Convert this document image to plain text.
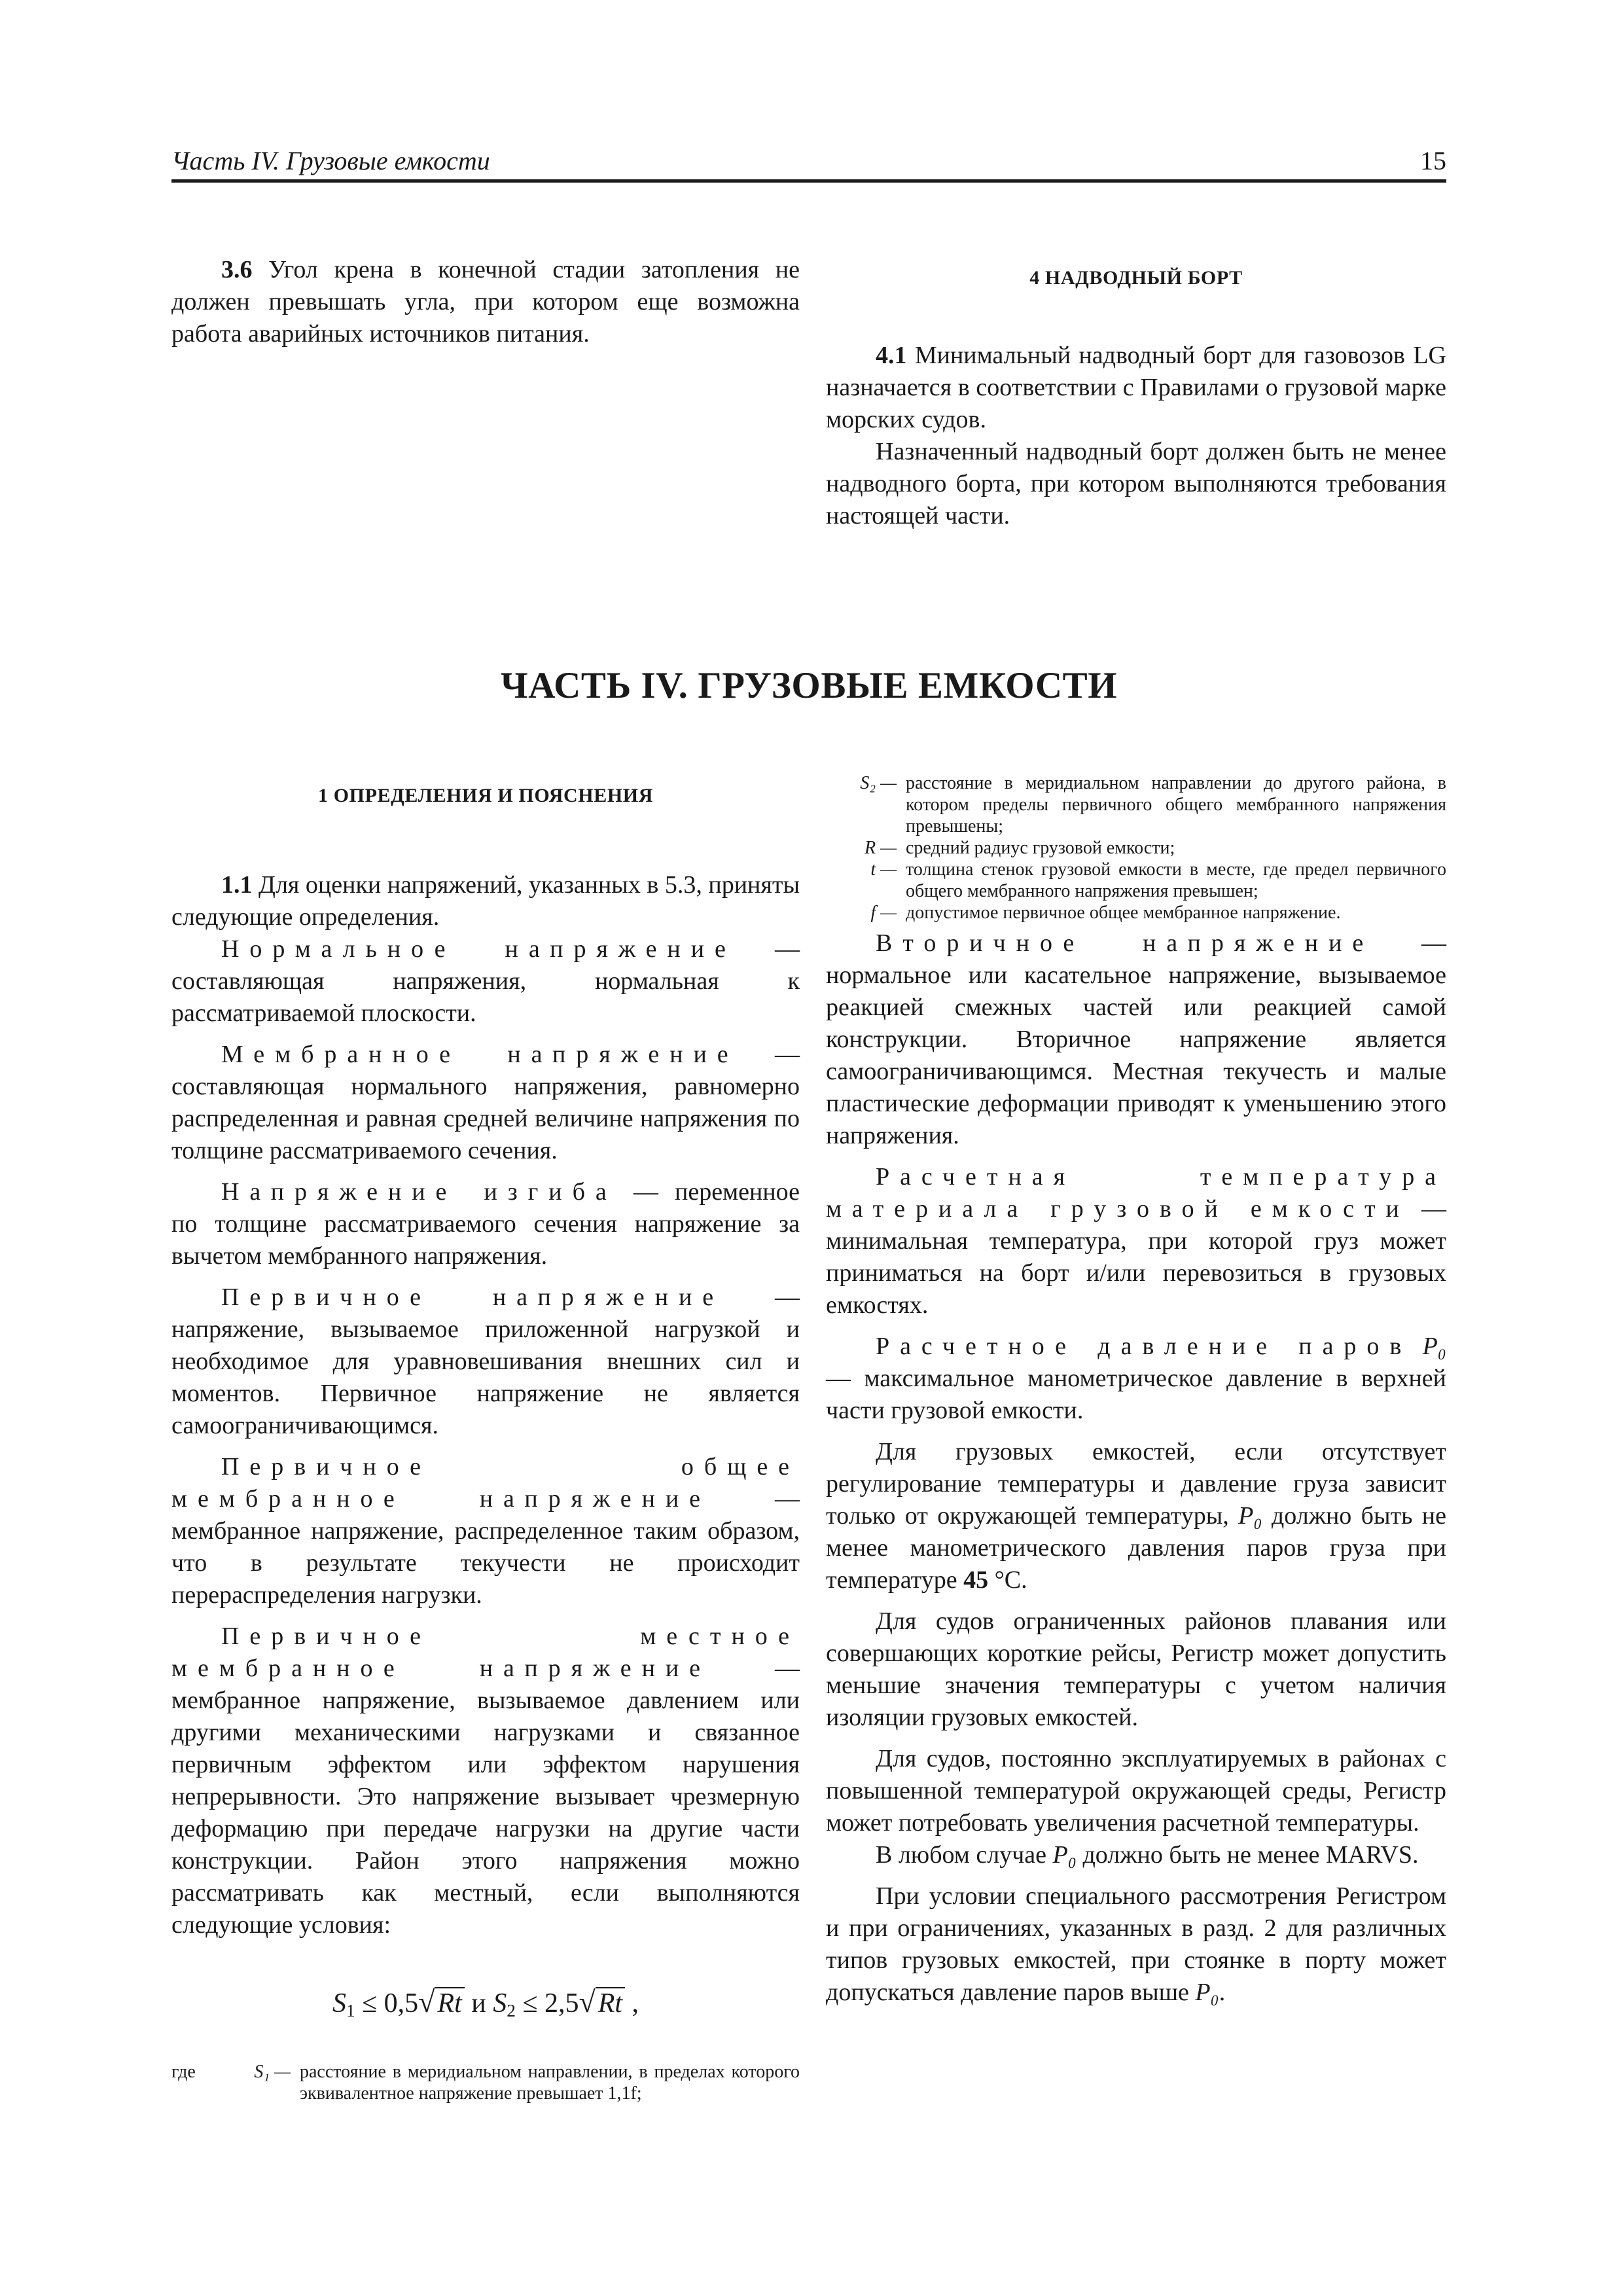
Часть IV. Грузовые емкости	15

3.6 Угол крена в конечной стадии затопления не должен превышать угла, при котором еще возможна работа аварийных источников питания.

4 НАДВОДНЫЙ БОРТ

4.1 Минимальный надводный борт для газовозов LG назначается в соответствии с Правилами о грузовой марке морских судов.

Назначенный надводный борт должен быть не менее надводного борта, при котором выполняются требования настоящей части.

ЧАСТЬ IV. ГРУЗОВЫЕ ЕМКОСТИ
1 ОПРЕДЕЛЕНИЯ И ПОЯСНЕНИЯ

1.1 Для оценки напряжений, указанных в 5.3, приняты следующие определения.

Нормальное напряжение — составляющая напряжения, нормальная к рассматриваемой плоскости.

Мембранное напряжение — составляющая нормального напряжения, равномерно распределенная и равная средней величине напряжения по толщине рассматриваемого сечения.

Напряжение изгиба — переменное по толщине рассматриваемого сечения напряжение за вычетом мембранного напряжения.

Первичное напряжение — напряжение, вызываемое приложенной нагрузкой и необходимое для уравновешивания внешних сил и моментов. Первичное напряжение не является самоограничивающимся.

Первичное общее мембранное напряжение — мембранное напряжение, распределенное таким образом, что в результате текучести не происходит перераспределения нагрузки.

Первичное местное мембранное напряжение — мембранное напряжение, вызываемое давлением или другими механическими нагрузками и связанное первичным эффектом или эффектом нарушения непрерывности. Это напряжение вызывает чрезмерную деформацию при передаче нагрузки на другие части конструкции. Район этого напряжения можно рассматривать как местный, если выполняются следующие условия:

$S_1 \le 0,5√Rt$ и $S_2 \le 2,5√Rt$ ,
где	S₁ — расстояние в меридиальном направлении, в пределах которого эквивалентное напряжение превышает 1,1f;
S₂ — расстояние в меридиальном направлении до другого района, в котором пределы первичного общего мембранного напряжения превышены;
R — средний радиус грузовой емкости;
t — толщина стенок грузовой емкости в месте, где предел первичного общего мембранного напряжения превышен;
f — допустимое первичное общее мембранное напряжение.

Вторичное напряжение — нормальное или касательное напряжение, вызываемое реакцией смежных частей или реакцией самой конструкции. Вторичное напряжение является самоограничивающимся. Местная текучесть и малые пластические деформации приводят к уменьшению этого напряжения.

Расчетная температура материала грузовой емкости — минимальная температура, при которой груз может приниматься на борт и/или перевозиться в грузовых емкостях.

Расчетное давление паров P₀ — максимальное манометрическое давление в верхней части грузовой емкости.

Для грузовых емкостей, если отсутствует регулирование температуры и давление груза зависит только от окружающей температуры, P₀ должно быть не менее манометрического давления паров груза при температуре 45 °C.

Для судов ограниченных районов плавания или совершающих короткие рейсы, Регистр может допустить меньшие значения температуры с учетом наличия изоляции грузовых емкостей.

Для судов, постоянно эксплуатируемых в районах с повышенной температурой окружающей среды, Регистр может потребовать увеличения расчетной температуры.

В любом случае P₀ должно быть не менее MARVS.

При условии специального рассмотрения Регистром и при ограничениях, указанных в разд. 2 для различных типов грузовых емкостей, при стоянке в порту может допускаться давление паров выше P₀.
